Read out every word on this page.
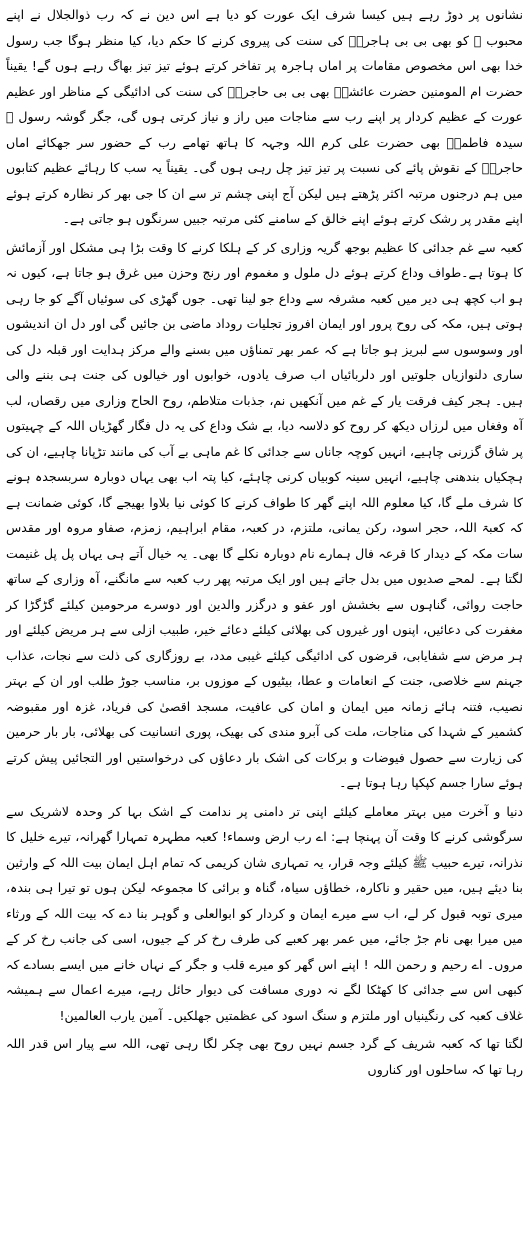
نشانوں پر دوڑ رہے ہیں کیسا شرف ایک عورت کو دیا ہے اس دین نے کہ رب ذوالجلال نے اپنے محبوب ﷺ کو بھی بی بی ہاجرہؑ کی سنت کی پیروی کرنے کا حکم دیا، کیا منظر ہوگا جب رسول خدا بھی اس مخصوص مقامات پر اماں ہاجرہ پر تفاخر کرتے ہوئے تیز تیز بھاگ رہے ہوں گے! یقیناً حضرت ام المومنین حضرت عائشہؓ بھی بی بی حاجرہؑ کی سنت کی ادائیگی کے مناظر اور عظیم عورت کے عظیم کردار پر اپنے رب سے مناجات میں راز و نیاز کرتی ہوں گی، جگر گوشہ رسول ﷺ سیدہ فاطمہؓ بھی حضرت علی کرم اللہ وجہہ کا ہاتھ تھامے رب کے حضور سر جھکائے اماں حاجرہؑ کے نقوش پائے کی نسبت پر تیز تیز چل رہی ہوں گی۔ یقیناً یہ سب کا رہائے عظیم کتابوں میں ہم درجنوں مرتبہ اکثر پڑھتے ہیں لیکن آج اپنی چشم تر سے ان کا جی بھر کر نظارہ کرتے ہوئے اپنے مقدر پر رشک کرتے ہوئے اپنے خالق کے سامنے کئی مرتبہ جبیں سرنگوں ہو جاتی ہے۔

کعبہ سے غم جدائی کا عظیم بوجھ گریہ وزاری کر کے ہلکا کرنے کا وقت بڑا ہی مشکل اور آزمائش کا ہوتا ہے۔طواف وداع کرتے ہوئے دل ملول و مغموم اور رنج وحزن میں غرق ہو جاتا ہے، کیوں نہ ہو اب کچھ ہی دیر میں کعبہ مشرفہ سے وداع جو لینا تھی۔ جوں گھڑی کی سوئیاں آگے کو جا رہی ہوتی ہیں، مکہ کی روح پرور اور ایمان افروز تجلیات روداد ماضی بن جائیں گی اور دل ان اندیشوں اور وسوسوں سے لبریز ہو جاتا ہے کہ عمر بھر تمناؤں میں بسنے والے مرکز ہدایت اور قبلہ دل کی ساری دلنوازیاں جلوتیں اور دلربائیاں اب صرف یادوں، خوابوں اور خیالوں کی جنت ہی بننے والی ہیں۔ ہجر کیف فرقت یار کے غم میں آنکھیں نم، جذبات متلاطم، روح الحاح وزاری میں رقصاں، لب آہ وفغاں میں لرزاں دیکھ کر روح کو دلاسہ دیا، بے شک وداع کی یہ دل فگار گھڑیاں اللہ کے چہیتوں پر شاق گزرنی چاہیے، انہیں کوچہ جاناں سے جدائی کا غم ماہی بے آب کی مانند تڑپانا چاہیے، ان کی ہچکیاں بندھنی چاہیے، انہیں سینہ کوبیاں کرنی چاہئے، کیا پتہ اب بھی یہاں دوبارہ سربسجدہ ہونے کا شرف ملے گا، کیا معلوم اللہ اپنے گھر کا طواف کرنے کا کوئی نیا بلاوا بھیجے گا، کوئی ضمانت ہے کہ کعبۃ اللہ، حجر اسود، رکن یمانی، ملتزم، در کعبہ، مقام ابراہیم، زمزم، صفاو مروہ اور مقدس سات مکہ کے دیدار کا قرعہ فال ہمارے نام دوبارہ نکلے گا بھی۔ یہ خیال آتے ہی یہاں پل پل غنیمت لگتا ہے۔ لمحے صدیوں میں بدل جاتے ہیں اور ایک مرتبہ پھر رب کعبہ سے مانگنے، آہ وزاری کے ساتھ حاجت روائی، گناہوں سے بخشش اور عفو و درگزر والدین اور دوسرے مرحومین کیلئے گڑگڑا کر مغفرت کی دعائیں، اپنوں اور غیروں کی بھلائی کیلئے دعائے خیر، طبیب ازلی سے ہر مریض کیلئے اور ہر مرض سے شفایابی، قرضوں کی ادائیگی کیلئے غیبی مدد، بے روزگاری کی ذلت سے نجات، عذاب جہنم سے خلاصی، جنت کے انعامات و عطا، بیٹیوں کے موزوں بر، مناسب جوڑ طلب اور ان کے بہتر نصیب، فتنہ ہائے زمانہ میں ایمان و امان کی عافیت، مسجد اقصیٰ کی فریاد، غزہ اور مقبوضہ کشمیر کے شہدا کی مناجات، ملت کی آبرو مندی کی بھیک، پوری انسانیت کی بھلائی، بار بار حرمین کی زیارت سے حصول فیوضات و برکات کی اشک بار دعاؤں کی درخواستیں اور التجائیں پیش کرتے ہوئے سارا جسم کپکپا رہا ہوتا ہے۔

دنیا و آخرت میں بہتر معاملے کیلئے اپنی تر دامنی پر ندامت کے اشک بہا کر وحدہ لاشریک سے سرگوشی کرنے کا وقت آن پہنچا ہے: اے رب ارض وسماء! کعبہ مطہرہ تمہارا گھرانہ، تیرے خلیل کا نذرانہ، تیرے حبیب ﷺ کیلئے وجہ قرار، یہ تمہاری شان کریمی کہ تمام اہل ایمان بیت اللہ کے وارثین بنا دیئے ہیں، میں حقیر و ناکارہ، خطاؤں سیاہ، گناہ و برائی کا مجموعہ لیکن ہوں تو تیرا ہی بندہ، میری توبہ قبول کر لے، اب سے میرے ایمان و کردار کو ابوالعلی و گوہر بنا دے کہ بیت اللہ کے ورثاء میں میرا بھی نام جڑ جائے، میں عمر بھر کعبے کی طرف رخ کر کے جیوں، اسی کی جانب رخ کر کے مروں۔ اے رحیم و رحمن اللہ ! اپنے اس گھر کو میرے قلب و جگر کے نہاں خانے میں ایسے بسادے کہ کبھی اس سے جدائی کا کھٹکا لگے نہ دوری مسافت کی دیوار حائل رہے، میرے اعمال سے ہمیشہ غلاف کعبہ کی رنگینیاں اور ملتزم و سنگ اسود کی عظمتیں جھلکیں۔ آمین یارب العالمین!

لگتا تھا کہ کعبہ شریف کے گرد جسم نہیں روح بھی چکر لگا رہی تھی، اللہ سے پیار اس قدر اللہ رہا تھا کہ ساحلوں اور کناروں
